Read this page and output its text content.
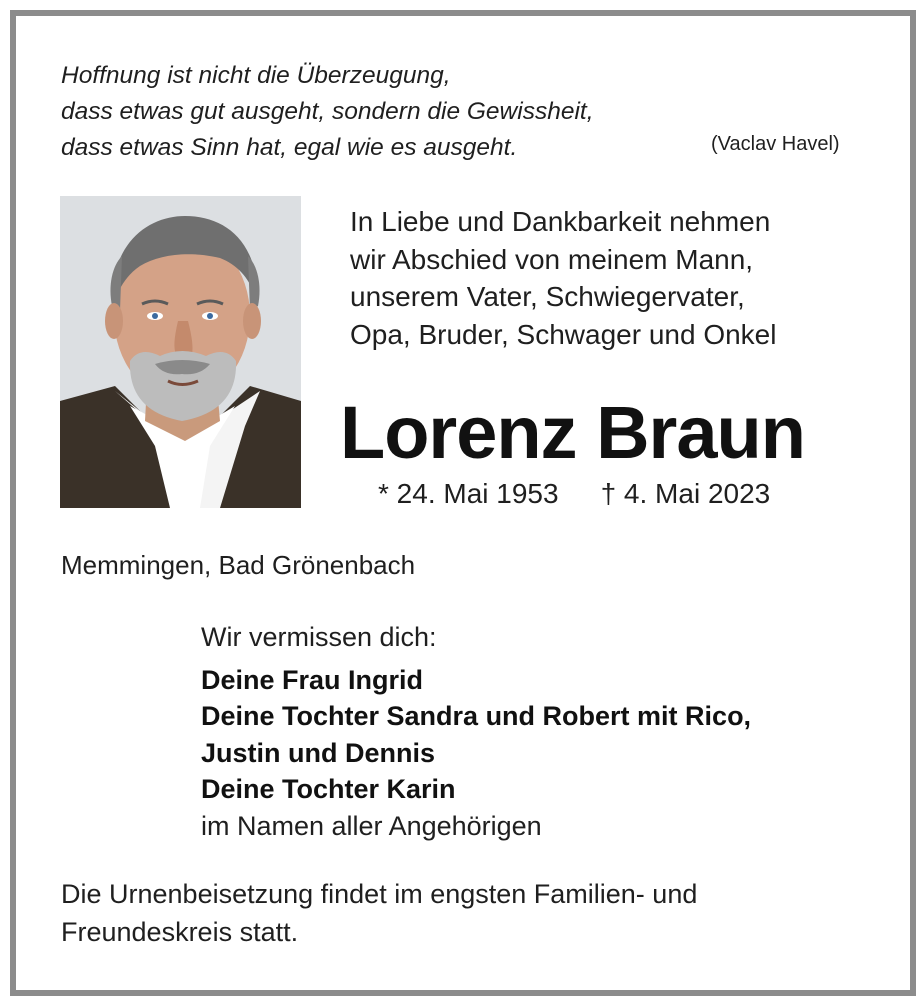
Hoffnung ist nicht die Überzeugung,
dass etwas gut ausgeht, sondern die Gewissheit,
dass etwas Sinn hat, egal wie es ausgeht.	(Vaclav Havel)
In Liebe und Dankbarkeit nehmen
wir Abschied von meinem Mann,
unserem Vater, Schwiegervater,
Opa, Bruder, Schwager und Onkel
Lorenz Braun
* 24. Mai 1953 † 4. Mai 2023
Memmingen, Bad Grönenbach
Wir vermissen dich:
Deine Frau Ingrid
Deine Tochter Sandra und Robert mit Rico,
Justin und Dennis
Deine Tochter Karin
im Namen aller Angehörigen
Die Urnenbeisetzung findet im engsten Familien- und
Freundeskreis statt.
